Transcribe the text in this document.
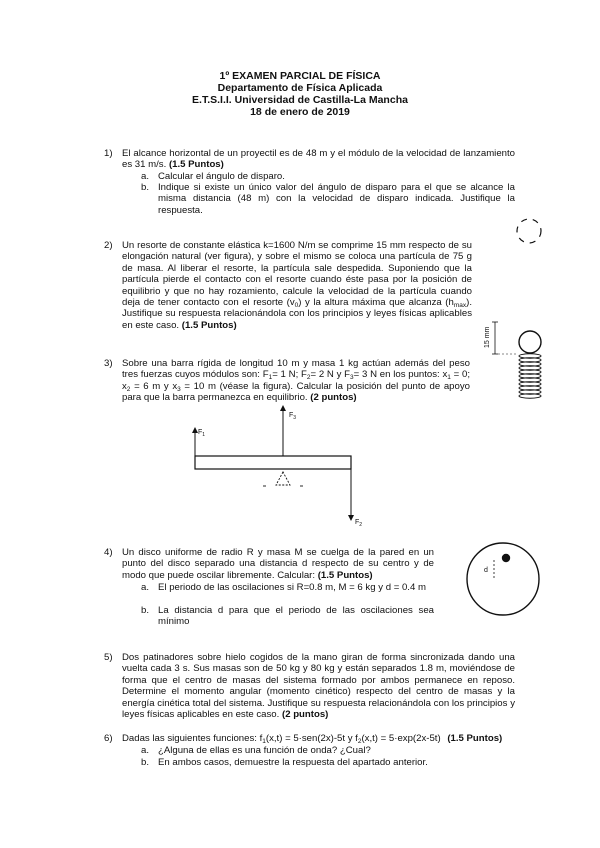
1º EXAMEN PARCIAL DE FÍSICA
Departamento de Física Aplicada
E.T.S.I.I. Universidad de Castilla-La Mancha
18 de enero de 2019
1) El alcance horizontal de un proyectil es de 48 m y el módulo de la velocidad de lanzamiento es 31 m/s. (1.5 Puntos)
a. Calcular el ángulo de disparo.
b. Indique si existe un único valor del ángulo de disparo para el que se alcance la misma distancia (48 m) con la velocidad de disparo indicada. Justifique la respuesta.
2) Un resorte de constante elástica k=1600 N/m se comprime 15 mm respecto de su elongación natural (ver figura), y sobre el mismo se coloca una partícula de 75 g de masa. Al liberar el resorte, la partícula sale despedida. Suponiendo que la partícula pierde el contacto con el resorte cuando éste pasa por la posición de equilibrio y que no hay rozamiento, calcule la velocidad de la partícula cuando deja de tener contacto con el resorte $(v_0)$ y la altura máxima que alcanza $(h_{max})$. Justifique su respuesta relacionándola con los principios y leyes físicas aplicables en este caso. (1.5 Puntos)
15 mm
3) Sobre una barra rígida de longitud 10 m y masa 1 kg actúan además del peso tres fuerzas cuyos módulos son: $F_1= 1$ N; $F_2= 2$ N y $F_3= 3$ N en los puntos: $x_1 = 0$; $x_2 = 6$ m y $x_3 = 10$ m (véase la figura). Calcular la posición del punto de apoyo para que la barra permanezca en equilibrio. (2 puntos)
$F_1$
$F_3$
$F_2$
4) Un disco uniforme de radio R y masa M se cuelga de la pared en un punto del disco separado una distancia d respecto de su centro y de modo que puede oscilar libremente. Calcular: (1.5 Puntos)
a. El periodo de las oscilaciones si R=0.8 m, M = 6 kg y d = 0.4 m
b. La distancia d para que el periodo de las oscilaciones sea mínimo
d
5) Dos patinadores sobre hielo cogidos de la mano giran de forma sincronizada dando una vuelta cada 3 s. Sus masas son de 50 kg y 80 kg y están separados 1.8 m, moviéndose de forma que el centro de masas del sistema formado por ambos permanece en reposo. Determine el momento angular (momento cinético) respecto del centro de masas y la energía cinética total del sistema. Justifique su respuesta relacionándola con los principios y leyes físicas aplicables en este caso. (2 puntos)
6) Dadas las siguientes funciones: $f_1(x,t) = 5\cdot sen(2x)-5t$ y $f_2(x,t) = 5\cdot\exp(2x-5t)$ (1.5 Puntos)
a. ¿Alguna de ellas es una función de onda? ¿Cual?
b. En ambos casos, demuestre la respuesta del apartado anterior.
